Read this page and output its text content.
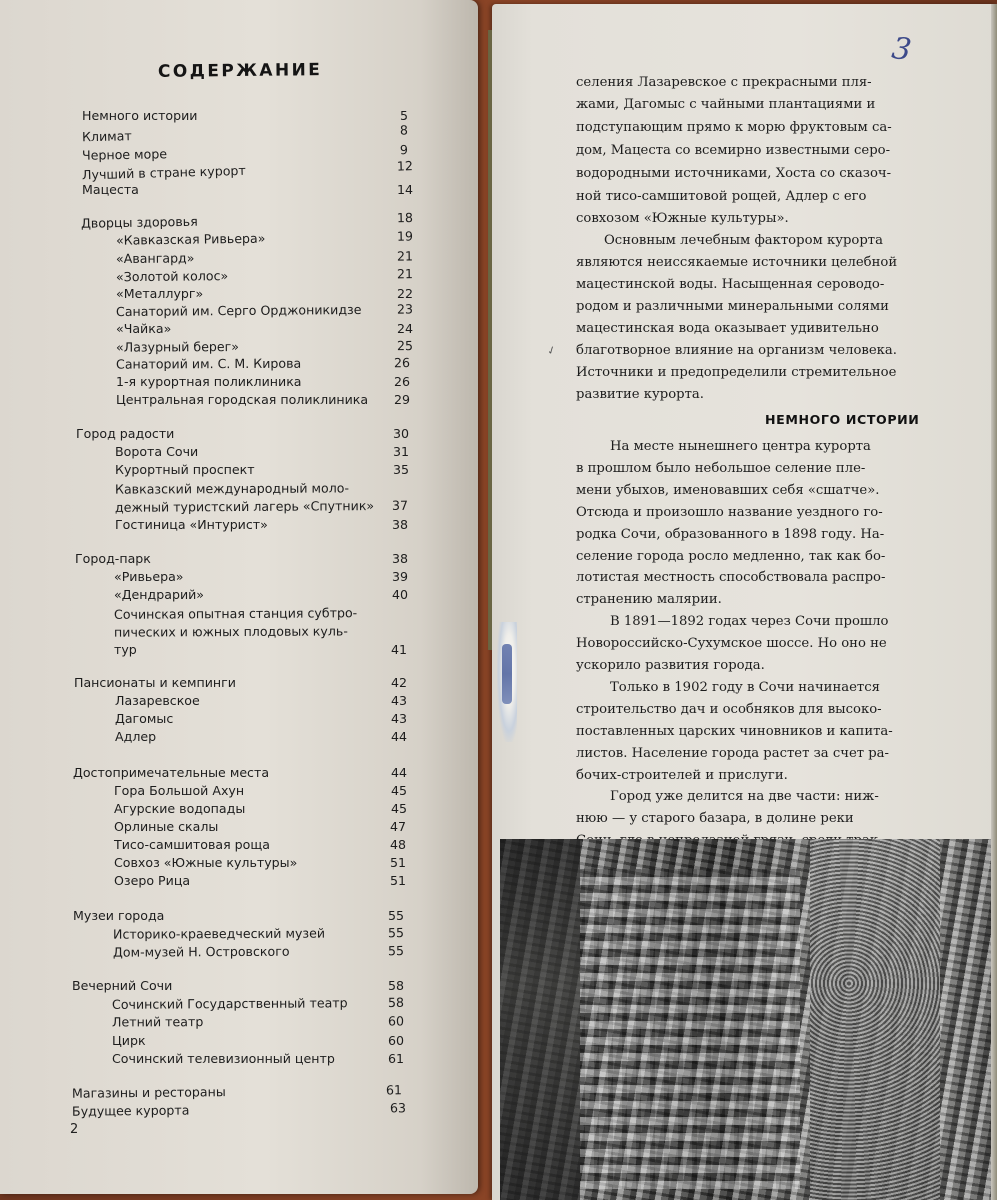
СОДЕРЖАНИЕ
Немного истории	5
Климат	8
Черное море	9
Лучший в стране курорт	12
Мацеста	14
Дворцы здоровья	18
«Кавказская Ривьера»	19
«Авангард»	21
«Золотой колос»	21
«Металлург»	22
Санаторий им. Серго Орджоникидзе	23
«Чайка»	24
«Лазурный берег»	25
Санаторий им. С. М. Кирова	26
1-я курортная поликлиника	26
Центральная городская поликлиника 29
Город радости	30
Ворота Сочи	31
Курортный проспект	35
Кавказский международный моло-
дежный туристский лагерь «Спутник» 37
Гостиница «Интурист»	38
Город-парк	38
«Ривьера»	39
«Дендрарий»	40
Сочинская опытная станция субтро-
пических и южных плодовых куль-
тур	41
Пансионаты и кемпинги	42
Лазаревское	43
Дагомыс	43
Адлер	44
Достопримечательные места	44
Гора Большой Ахун	45
Агурские водопады	45
Орлиные скалы	47
Тисо-самшитовая роща	48
Совхоз «Южные культуры»	51
Озеро Рица	51
Музеи города	55
Историко-краеведческий музей	55
Дом-музей Н. Островского	55
Вечерний Сочи	58
Сочинский Государственный театр	58
Летний театр	60
Цирк	60
Сочинский телевизионный центр	61
Магазины и рестораны	61
Будущее курорта	63
2
3
✓
селения Лазаревское с прекрасными пля-
жами, Дагомыс с чайными плантациями и
подступающим прямо к морю фруктовым са-
дом, Мацеста со всемирно известными серо-
водородными источниками, Хоста со сказоч-
ной тисо-самшитовой рощей, Адлер с его
совхозом «Южные культуры».
Основным лечебным фактором курорта
являются неиссякаемые источники целебной
мацестинской воды. Насыщенная сероводо-
родом и различными минеральными солями
мацестинская вода оказывает удивительно
благотворное влияние на организм человека.
Источники и предопределили стремительное
развитие курорта.
НЕМНОГО ИСТОРИИ
На месте нынешнего центра курорта
в прошлом было небольшое селение пле-
мени убыхов, именовавших себя «сшатче».
Отсюда и произошло название уездного го-
родка Сочи, образованного в 1898 году. На-
селение города росло медленно, так как бо-
лотистая местность способствовала распро-
странению малярии.
В 1891—1892 годах через Сочи прошло
Новороссийско-Сухумское шоссе. Но оно не
ускорило развития города.
Только в 1902 году в Сочи начинается
строительство дач и особняков для высоко-
поставленных царских чиновников и капита-
листов. Население города растет за счет ра-
бочих-строителей и прислуги.
Город уже делится на две части: ниж-
нюю — у старого базара, в долине реки
